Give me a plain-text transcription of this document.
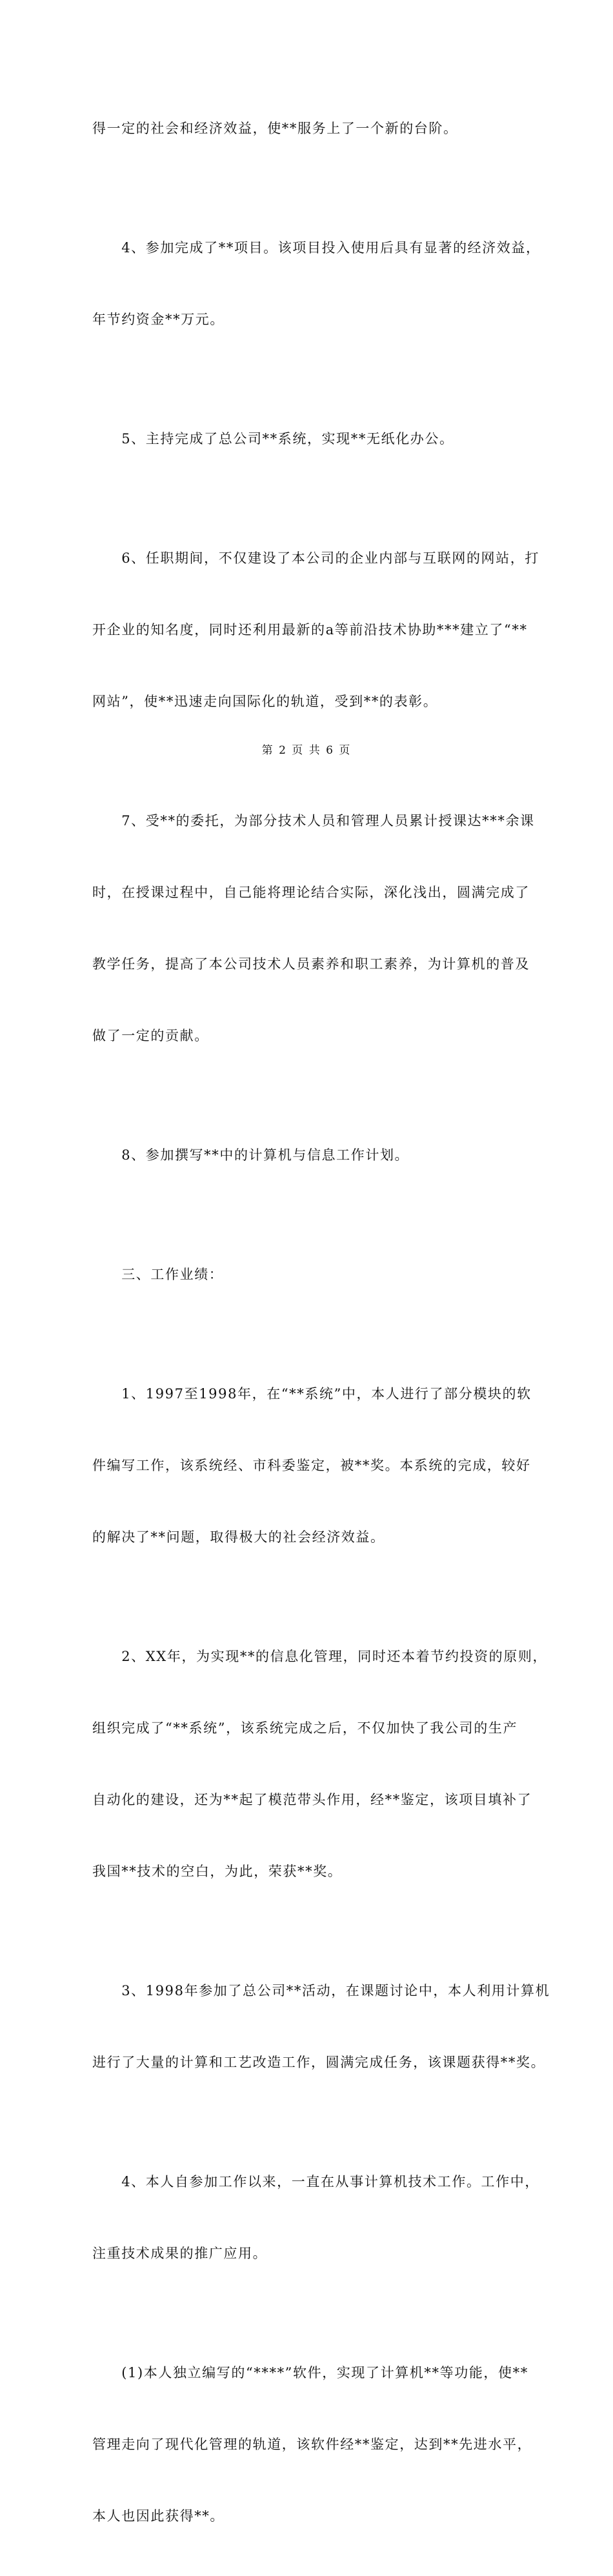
得一定的社会和经济效益，使**服务上了一个新的台阶。

　　4、参加完成了**项目。该项目投入使用后具有显著的经济效益，

年节约资金**万元。

　　5、主持完成了总公司**系统，实现**无纸化办公。

　　6、任职期间，不仅建设了本公司的企业内部与互联网的网站，打

开企业的知名度，同时还利用最新的a等前沿技术协助***建立了“**

网站”，使**迅速走向国际化的轨道，受到**的表彰。

　　7、受**的委托，为部分技术人员和管理人员累计授课达***余课

时，在授课过程中，自己能将理论结合实际，深化浅出，圆满完成了

教学任务，提高了本公司技术人员素养和职工素养，为计算机的普及

做了一定的贡献。

　　8、参加撰写**中的计算机与信息工作计划。

　　三、工作业绩：

　　1、1997至1998年，在“**系统”中，本人进行了部分模块的软

件编写工作，该系统经、市科委鉴定，被**奖。本系统的完成，较好

的解决了**问题，取得极大的社会经济效益。

　　2、XX年，为实现**的信息化管理，同时还本着节约投资的原则，

组织完成了“**系统”，该系统完成之后，不仅加快了我公司的生产

自动化的建设，还为**起了模范带头作用，经**鉴定，该项目填补了

我国**技术的空白，为此，荣获**奖。

　　3、1998年参加了总公司**活动，在课题讨论中，本人利用计算机

进行了大量的计算和工艺改造工作，圆满完成任务，该课题获得**奖。

　　4、本人自参加工作以来，一直在从事计算机技术工作。工作中，

注重技术成果的推广应用。

　　(1)本人独立编写的“****”软件，实现了计算机**等功能，使**

管理走向了现代化管理的轨道，该软件经**鉴定，达到**先进水平，

本人也因此获得**。

第 2 页 共 6 页
